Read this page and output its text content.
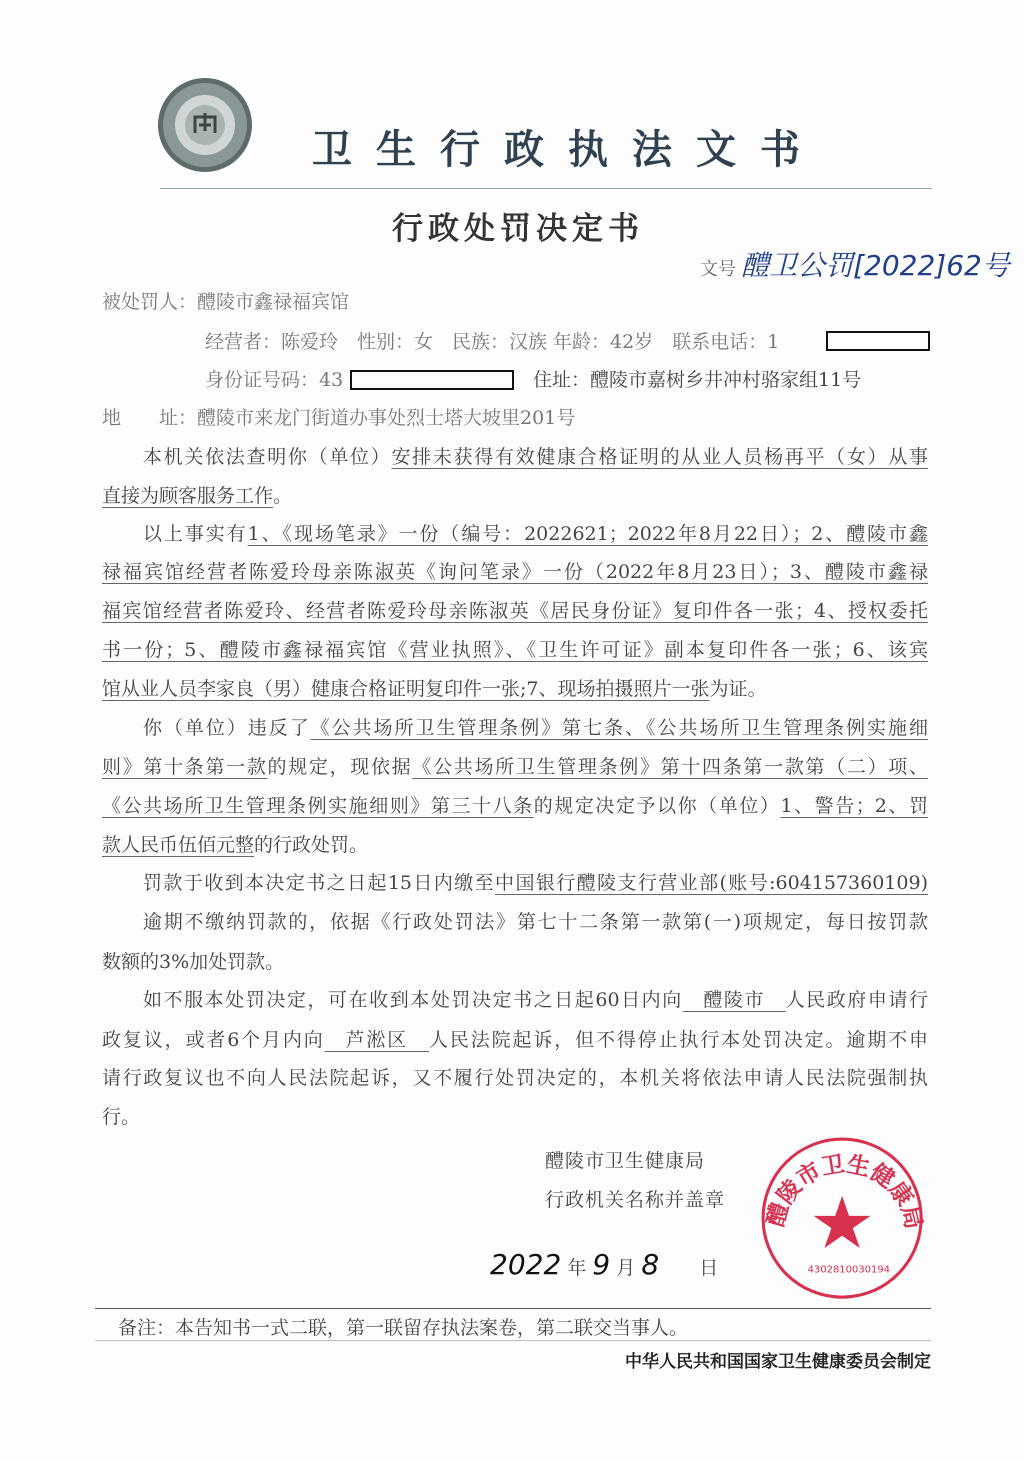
卫生行政执法文书
行政处罚决定书
文号 醴卫公罚[2022]62号
被处罚人：醴陵市鑫禄福宾馆
经营者：陈爱玲　性别：女　民族：汉族 年龄：42岁　联系电话：1
身份证号码：43	住址：醴陵市嘉树乡井冲村骆家组11号
地　　址：醴陵市来龙门街道办事处烈士塔大坡里201号
本机关依法查明你（单位）安排未获得有效健康合格证明的从业人员杨再平（女）从事
直接为顾客服务工作。
以上事实有1、《现场笔录》一份（编号：2022621；2022年8月22日）；2、醴陵市鑫
禄福宾馆经营者陈爱玲母亲陈淑英《询问笔录》一份（2022年8月23日）；3、醴陵市鑫禄
福宾馆经营者陈爱玲、经营者陈爱玲母亲陈淑英《居民身份证》复印件各一张；4、授权委托
书一份；5、醴陵市鑫禄福宾馆《营业执照》、《卫生许可证》副本复印件各一张；6、该宾
馆从业人员李家良（男）健康合格证明复印件一张;7、现场拍摄照片一张为证。
你（单位）违反了《公共场所卫生管理条例》第七条、《公共场所卫生管理条例实施细
则》第十条第一款的规定，现依据《公共场所卫生管理条例》第十四条第一款第（二）项、
《公共场所卫生管理条例实施细则》第三十八条的规定决定予以你（单位）1、警告；2、罚
款人民币伍佰元整的行政处罚。
罚款于收到本决定书之日起15日内缴至中国银行醴陵支行营业部(账号:604157360109)
逾期不缴纳罚款的，依据《行政处罚法》第七十二条第一款第(一)项规定，每日按罚款
数额的3%加处罚款。
如不服本处罚决定，可在收到本处罚决定书之日起60日内向　醴陵市　人民政府申请行
政复议，或者6个月内向　芦淞区　人民法院起诉，但不得停止执行本处罚决定。逾期不申
请行政复议也不向人民法院起诉，又不履行处罚决定的，本机关将依法申请人民法院强制执
行。
醴陵市卫生健康局
4302810030194
醴陵市卫生健康局
行政机关名称并盖章
2022 年 9 月 8 日
备注：本告知书一式二联，第一联留存执法案卷，第二联交当事人。
中华人民共和国国家卫生健康委员会制定
